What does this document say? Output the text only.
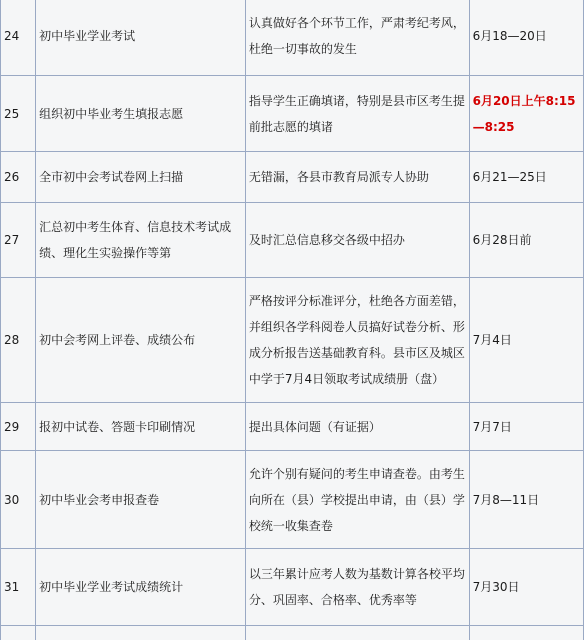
24	初中毕业学业考试	认真做好各个环节工作，严肃考纪考风，杜绝一切事故的发生	6月18—20日
25	组织初中毕业考生填报志愿	指导学生正确填诸，特别是县市区考生提前批志愿的填诸	6月20日上午8:15—8:25
26	全市初中会考试卷网上扫描	无错漏，各县市教育局派专人协助	6月21—25日
27	汇总初中考生体育、信息技术考试成绩、理化生实验操作等第	及时汇总信息移交各级中招办	6月28日前
28	初中会考网上评卷、成绩公布	严格按评分标准评分，杜绝各方面差错，并组织各学科阅卷人员搞好试卷分析、形成分析报告送基础教育科。县市区及城区中学于7月4日领取考试成绩册（盘）	7月4日
29	报初中试卷、答题卡印刷情况	提出具体问题（有证据）	7月7日
30	初中毕业会考申报查卷	允许个别有疑问的考生申请查卷。由考生向所在（县）学校提出申请，由（县）学校统一收集查卷	7月8—11日
31	初中毕业学业考试成绩统计	以三年累计应考人数为基数计算各校平均分、巩固率、合格率、优秀率等	7月30日
